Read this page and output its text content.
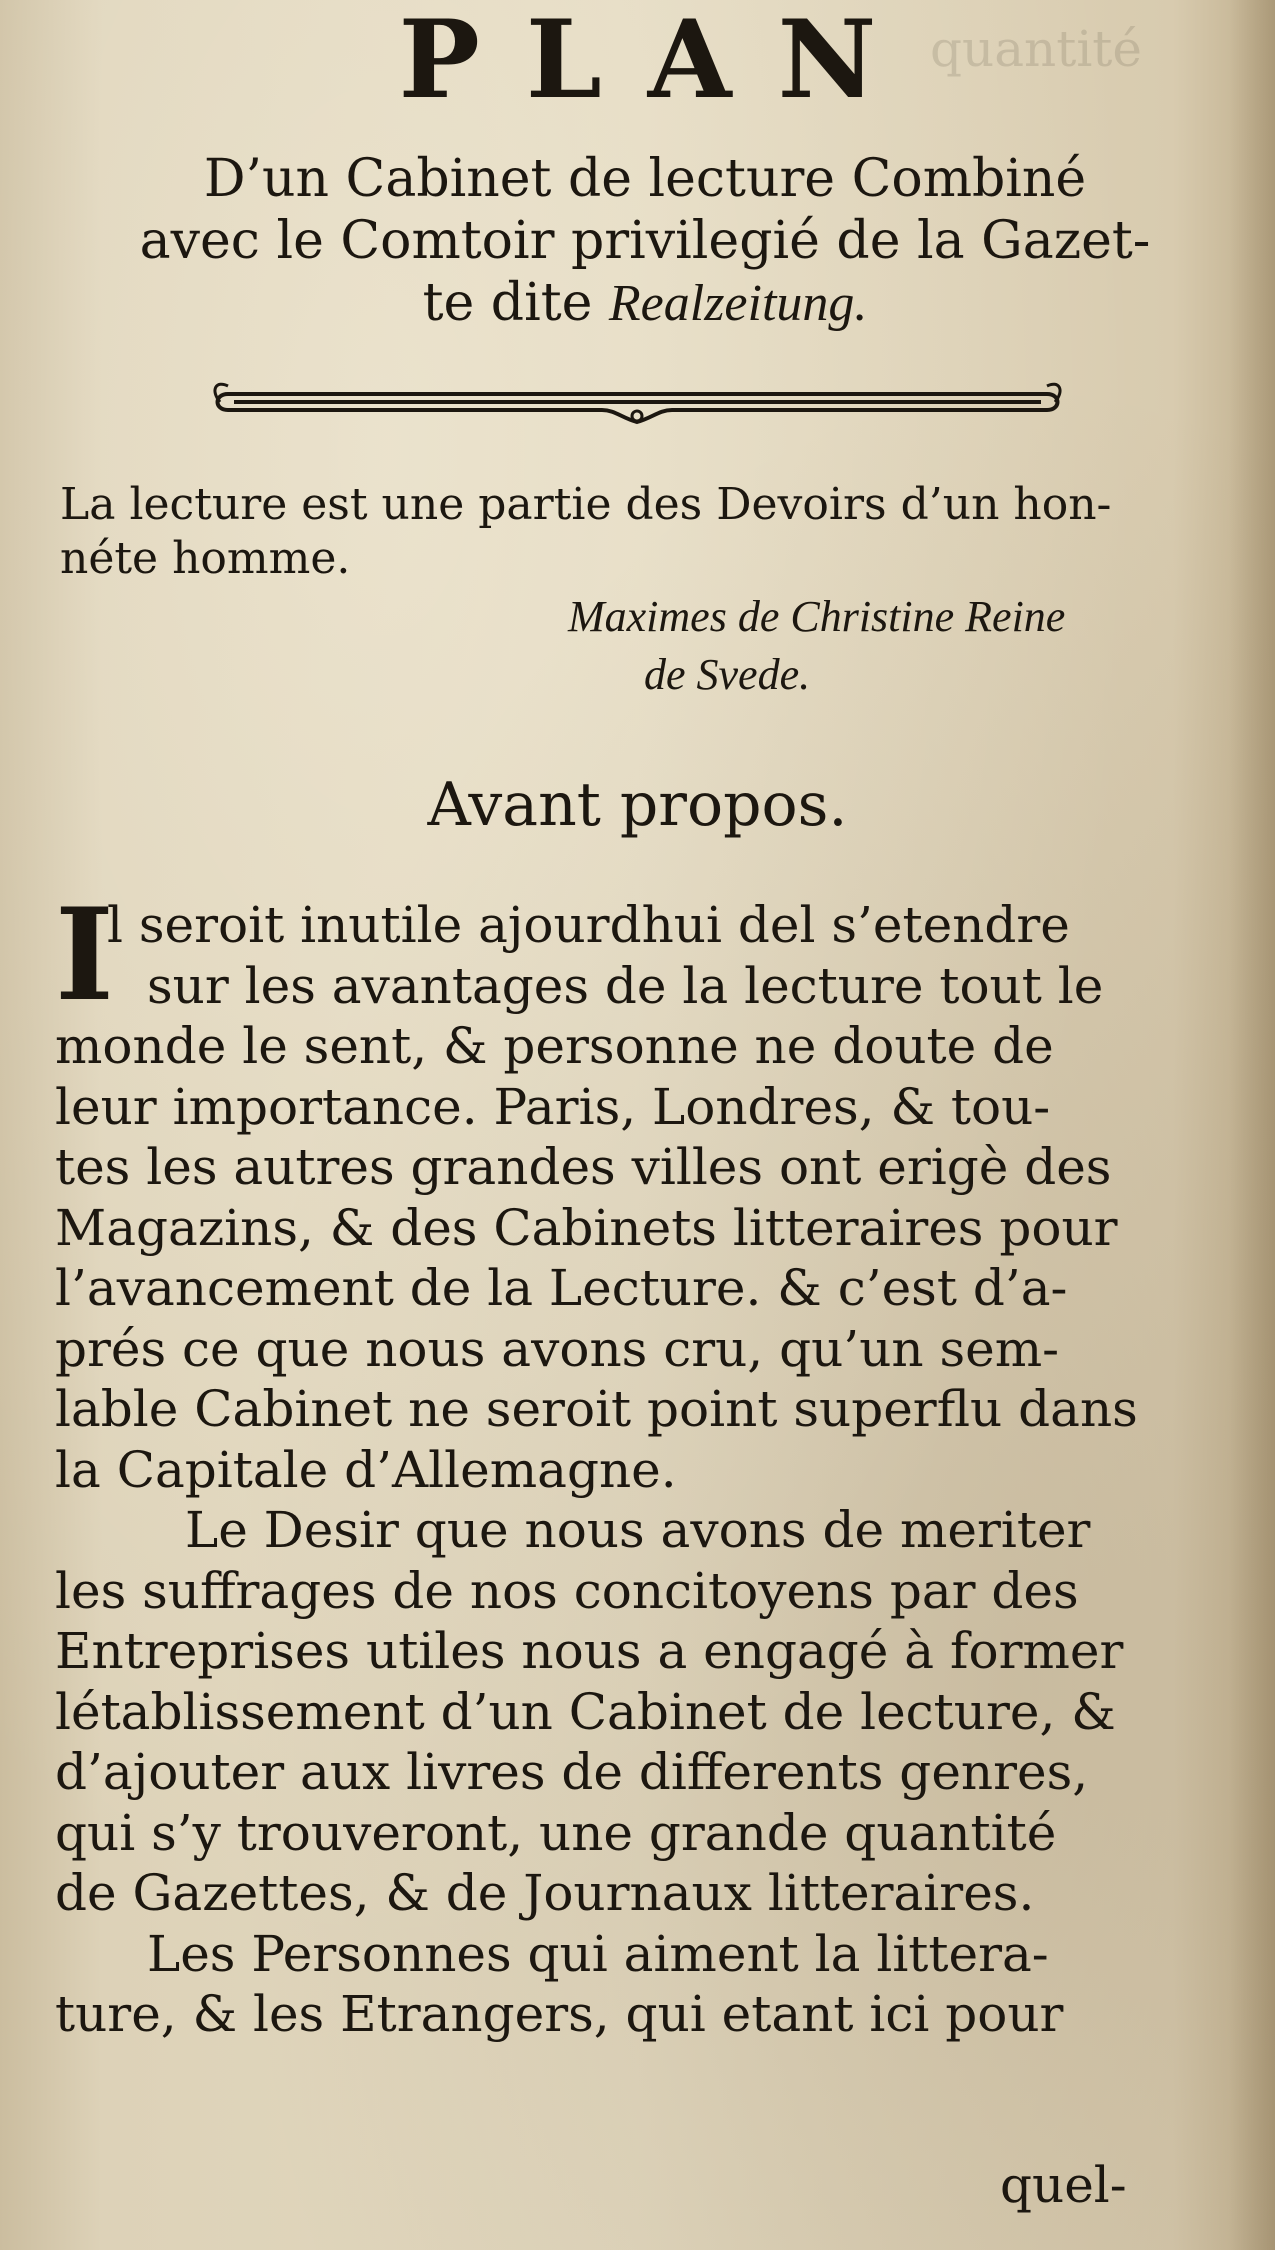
quantité
PLAN
D’un Cabinet de lecture Combiné
avec le Comtoir privilegié de la Gazet-
te dite Realzeitung.
La lecture est une partie des Devoirs d’un hon-
néte homme.
Maximes de Christine Reine
de Svede.
Avant propos.
I
l seroit inutile ajourdhui del s’etendre
sur les avantages de la lecture tout le
monde le sent, & personne ne doute de
leur importance. Paris, Londres, & tou-
tes les autres grandes villes ont erigè des
Magazins, & des Cabinets litteraires pour
l’avancement de la Lecture. & c’est d’a-
prés ce que nous avons cru, qu’un sem-
lable Cabinet ne seroit point superflu dans
la Capitale d’Allemagne.
Le Desir que nous avons de meriter
les suffrages de nos concitoyens par des
Entreprises utiles nous a engagé à former
létablissement d’un Cabinet de lecture, &
d’ajouter aux livres de differents genres,
qui s’y trouveront, une grande quantité
de Gazettes, & de Journaux litteraires.
Les Personnes qui aiment la littera-
ture, & les Etrangers, qui etant ici pour
quel-
